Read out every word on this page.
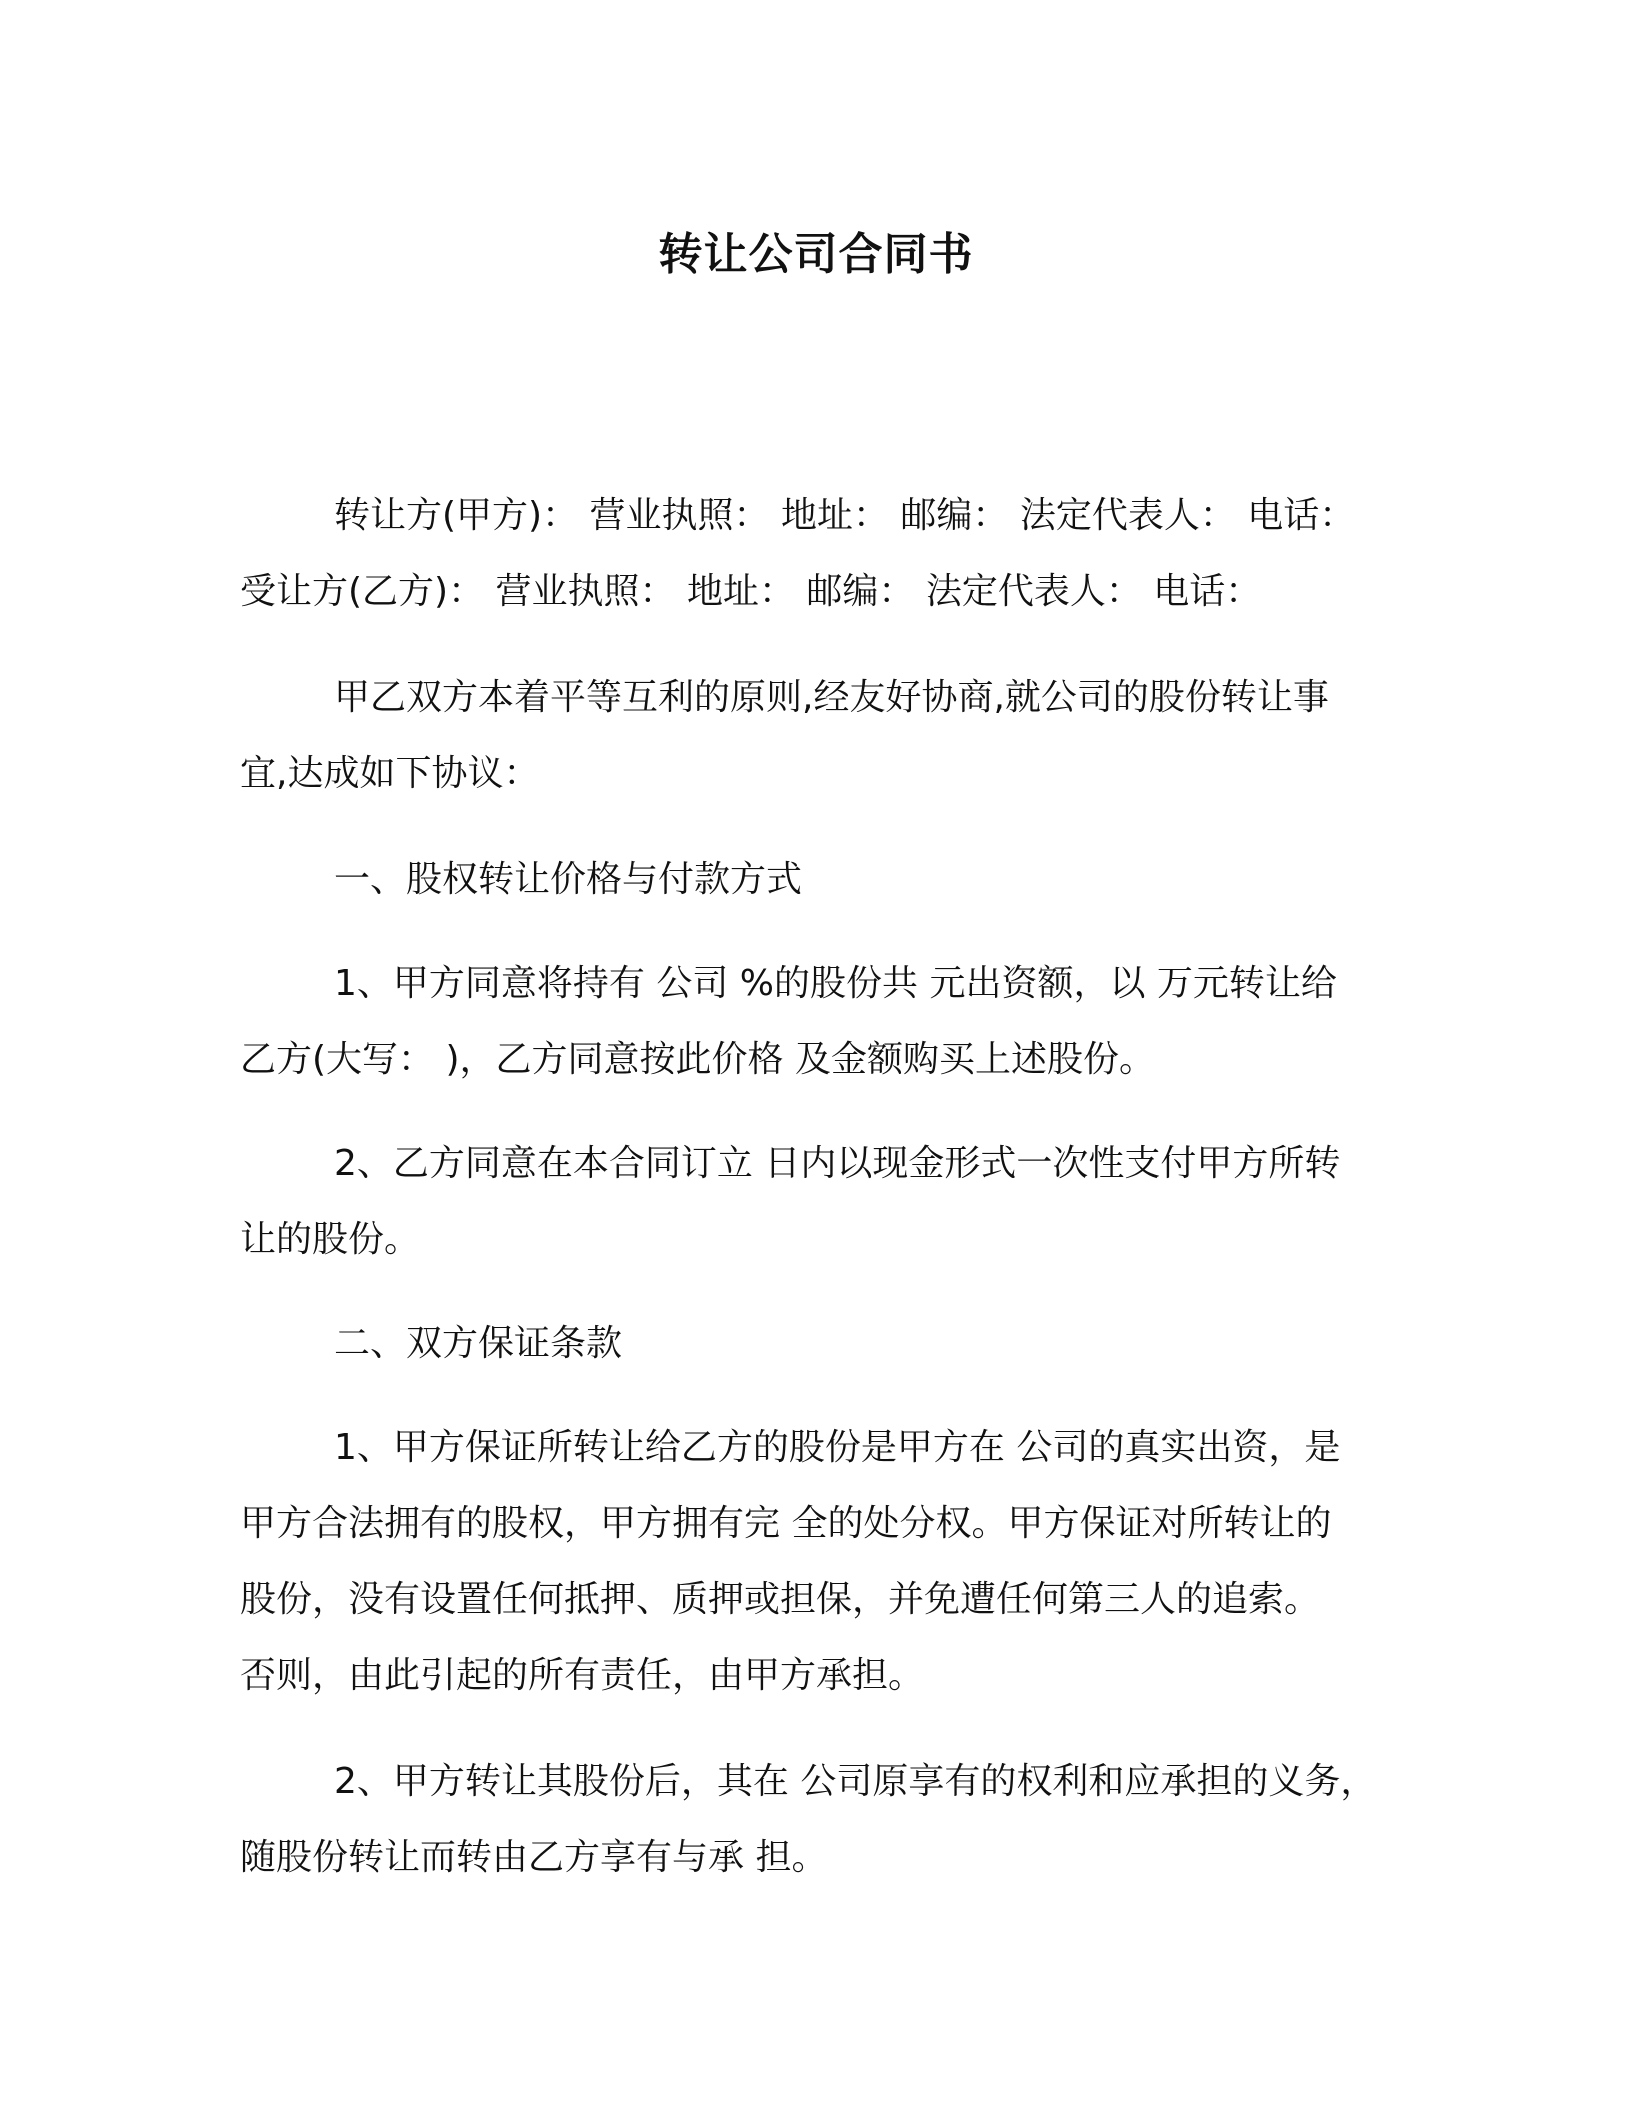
转让公司合同书
转让方(甲方)： 营业执照： 地址： 邮编： 法定代表人： 电话：
受让方(乙方)： 营业执照： 地址： 邮编： 法定代表人： 电话：
甲乙双方本着平等互利的原则,经友好协商,就公司的股份转让事
宜,达成如下协议：
一、股权转让价格与付款方式
1、甲方同意将持有 公司 %的股份共 元出资额，以 万元转让给
乙方(大写： )，乙方同意按此价格 及金额购买上述股份。
2、乙方同意在本合同订立 日内以现金形式一次性支付甲方所转
让的股份。
二、双方保证条款
1、甲方保证所转让给乙方的股份是甲方在 公司的真实出资，是
甲方合法拥有的股权，甲方拥有完 全的处分权。甲方保证对所转让的
股份，没有设置任何抵押、质押或担保，并免遭任何第三人的追索。
否则，由此引起的所有责任，由甲方承担。
2、甲方转让其股份后，其在 公司原享有的权利和应承担的义务，
随股份转让而转由乙方享有与承 担。
